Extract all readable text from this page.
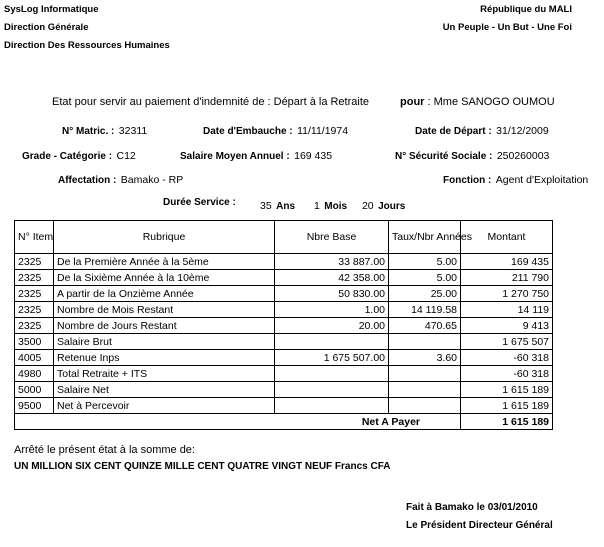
SysLog Informatique
Direction Générale
Direction Des Ressources Humaines
République du MALI
Un Peuple - Un But - Une Foi
Etat pour servir au paiement d'indemnité de : Départ à la Retraite	pour : Mme SANOGO OUMOU
N° Matric. : 32311	Date d'Embauche : 11/11/1974	Date de Départ : 31/12/2009
Grade - Catégorie : C12	Salaire Moyen Annuel : 169 435	N° Sécurité Sociale : 250260003
Affectation : Bamako - RP	Fonction : Agent d'Exploitation
Durée Service : 35 Ans 1 Mois 20 Jours
N° Item	Rubrique	Nbre Base	Taux/Nbr Années	Montant
2325	De la Première Année à la 5ème	33 887.00	5.00	169 435
2325	De la Sixième Année à la 10ème	42 358.00	5.00	211 790
2325	A partir de la Onzième Année	50 830.00	25.00	1 270 750
2325	Nombre de Mois Restant	1.00	14 119.58	14 119
2325	Nombre de Jours Restant	20.00	470.65	9 413
3500	Salaire Brut			1 675 507
4005	Retenue Inps	1 675 507.00	3.60	-60 318
4980	Total Retraite + ITS			-60 318
5000	Salaire Net			1 615 189
9500	Net à Percevoir			1 615 189
		Net A Payer		1 615 189
Arrêté le présent état à la somme de:
UN MILLION SIX CENT QUINZE MILLE CENT QUATRE VINGT NEUF Francs CFA
Fait à Bamako le 03/01/2010
Le Président Directeur Général
